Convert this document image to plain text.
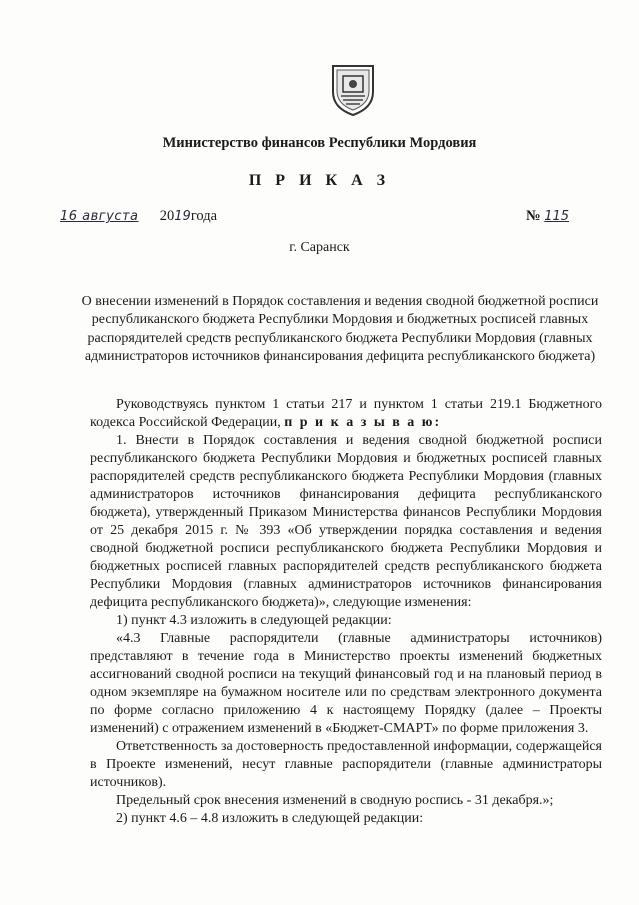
Министерство финансов Республики Мордовия
П Р И К А З
16 августа 2019года	№ 115
г. Саранск
О внесении изменений в Порядок составления и ведения сводной бюджетной росписи республиканского бюджета Республики Мордовия и бюджетных росписей главных распорядителей средств республиканского бюджета Республики Мордовия (главных администраторов источников финансирования дефицита республиканского бюджета)

Руководствуясь пунктом 1 статьи 217 и пунктом 1 статьи 219.1 Бюджетного кодекса Российской Федерации, п р и к а з ы в а ю:

1. Внести в Порядок составления и ведения сводной бюджетной росписи республиканского бюджета Республики Мордовия и бюджетных росписей главных распорядителей средств республиканского бюджета Республики Мордовия (главных администраторов источников финансирования дефицита республиканского бюджета), утвержденный Приказом Министерства финансов Республики Мордовия от 25 декабря 2015 г. № 393 «Об утверждении порядка составления и ведения сводной бюджетной росписи республиканского бюджета Республики Мордовия и бюджетных росписей главных распорядителей средств республиканского бюджета Республики Мордовия (главных администраторов источников финансирования дефицита республиканского бюджета)», следующие изменения:

1) пункт 4.3 изложить в следующей редакции:

«4.3 Главные распорядители (главные администраторы источников) представляют в течение года в Министерство проекты изменений бюджетных ассигнований сводной росписи на текущий финансовый год и на плановый период в одном экземпляре на бумажном носителе или по средствам электронного документа по форме согласно приложению 4 к настоящему Порядку (далее – Проекты изменений) с отражением изменений в «Бюджет-СМАРТ» по форме приложения 3.

Ответственность за достоверность предоставленной информации, содержащейся в Проекте изменений, несут главные распорядители (главные администраторы источников).

Предельный срок внесения изменений в сводную роспись - 31 декабря.»;

2) пункт 4.6 – 4.8 изложить в следующей редакции:
